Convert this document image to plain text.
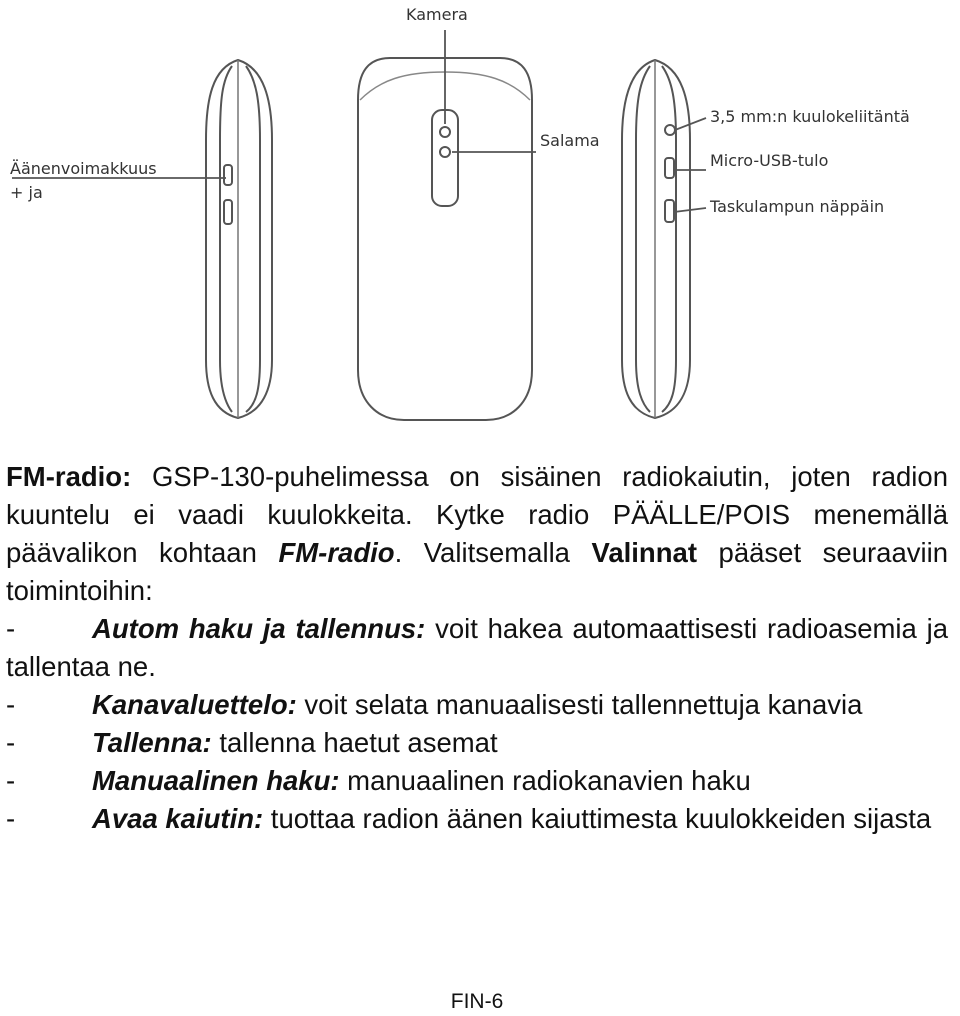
Kamera
Salama
Äänenvoimakkuus
+ ja
3,5 mm:n kuulokeliitäntä
Micro-USB-tulo
Taskulampun näppäin

FM-radio: GSP-130-puhelimessa on sisäinen radiokaiutin, joten radion kuuntelu ei vaadi kuulokkeita. Kytke radio PÄÄLLE/POIS menemällä päävalikon kohtaan FM-radio. Valitsemalla Valinnat pääset seuraaviin toimintoihin:

-	Autom haku ja tallennus: voit hakea automaattisesti radioasemia ja tallentaa ne.

-	Kanavaluettelo: voit selata manuaalisesti tallennettuja kanavia

-	Tallenna: tallenna haetut asemat

-	Manuaalinen haku: manuaalinen radiokanavien haku

-	Avaa kaiutin: tuottaa radion äänen kaiuttimesta kuulokkeiden sijasta

FIN-6
